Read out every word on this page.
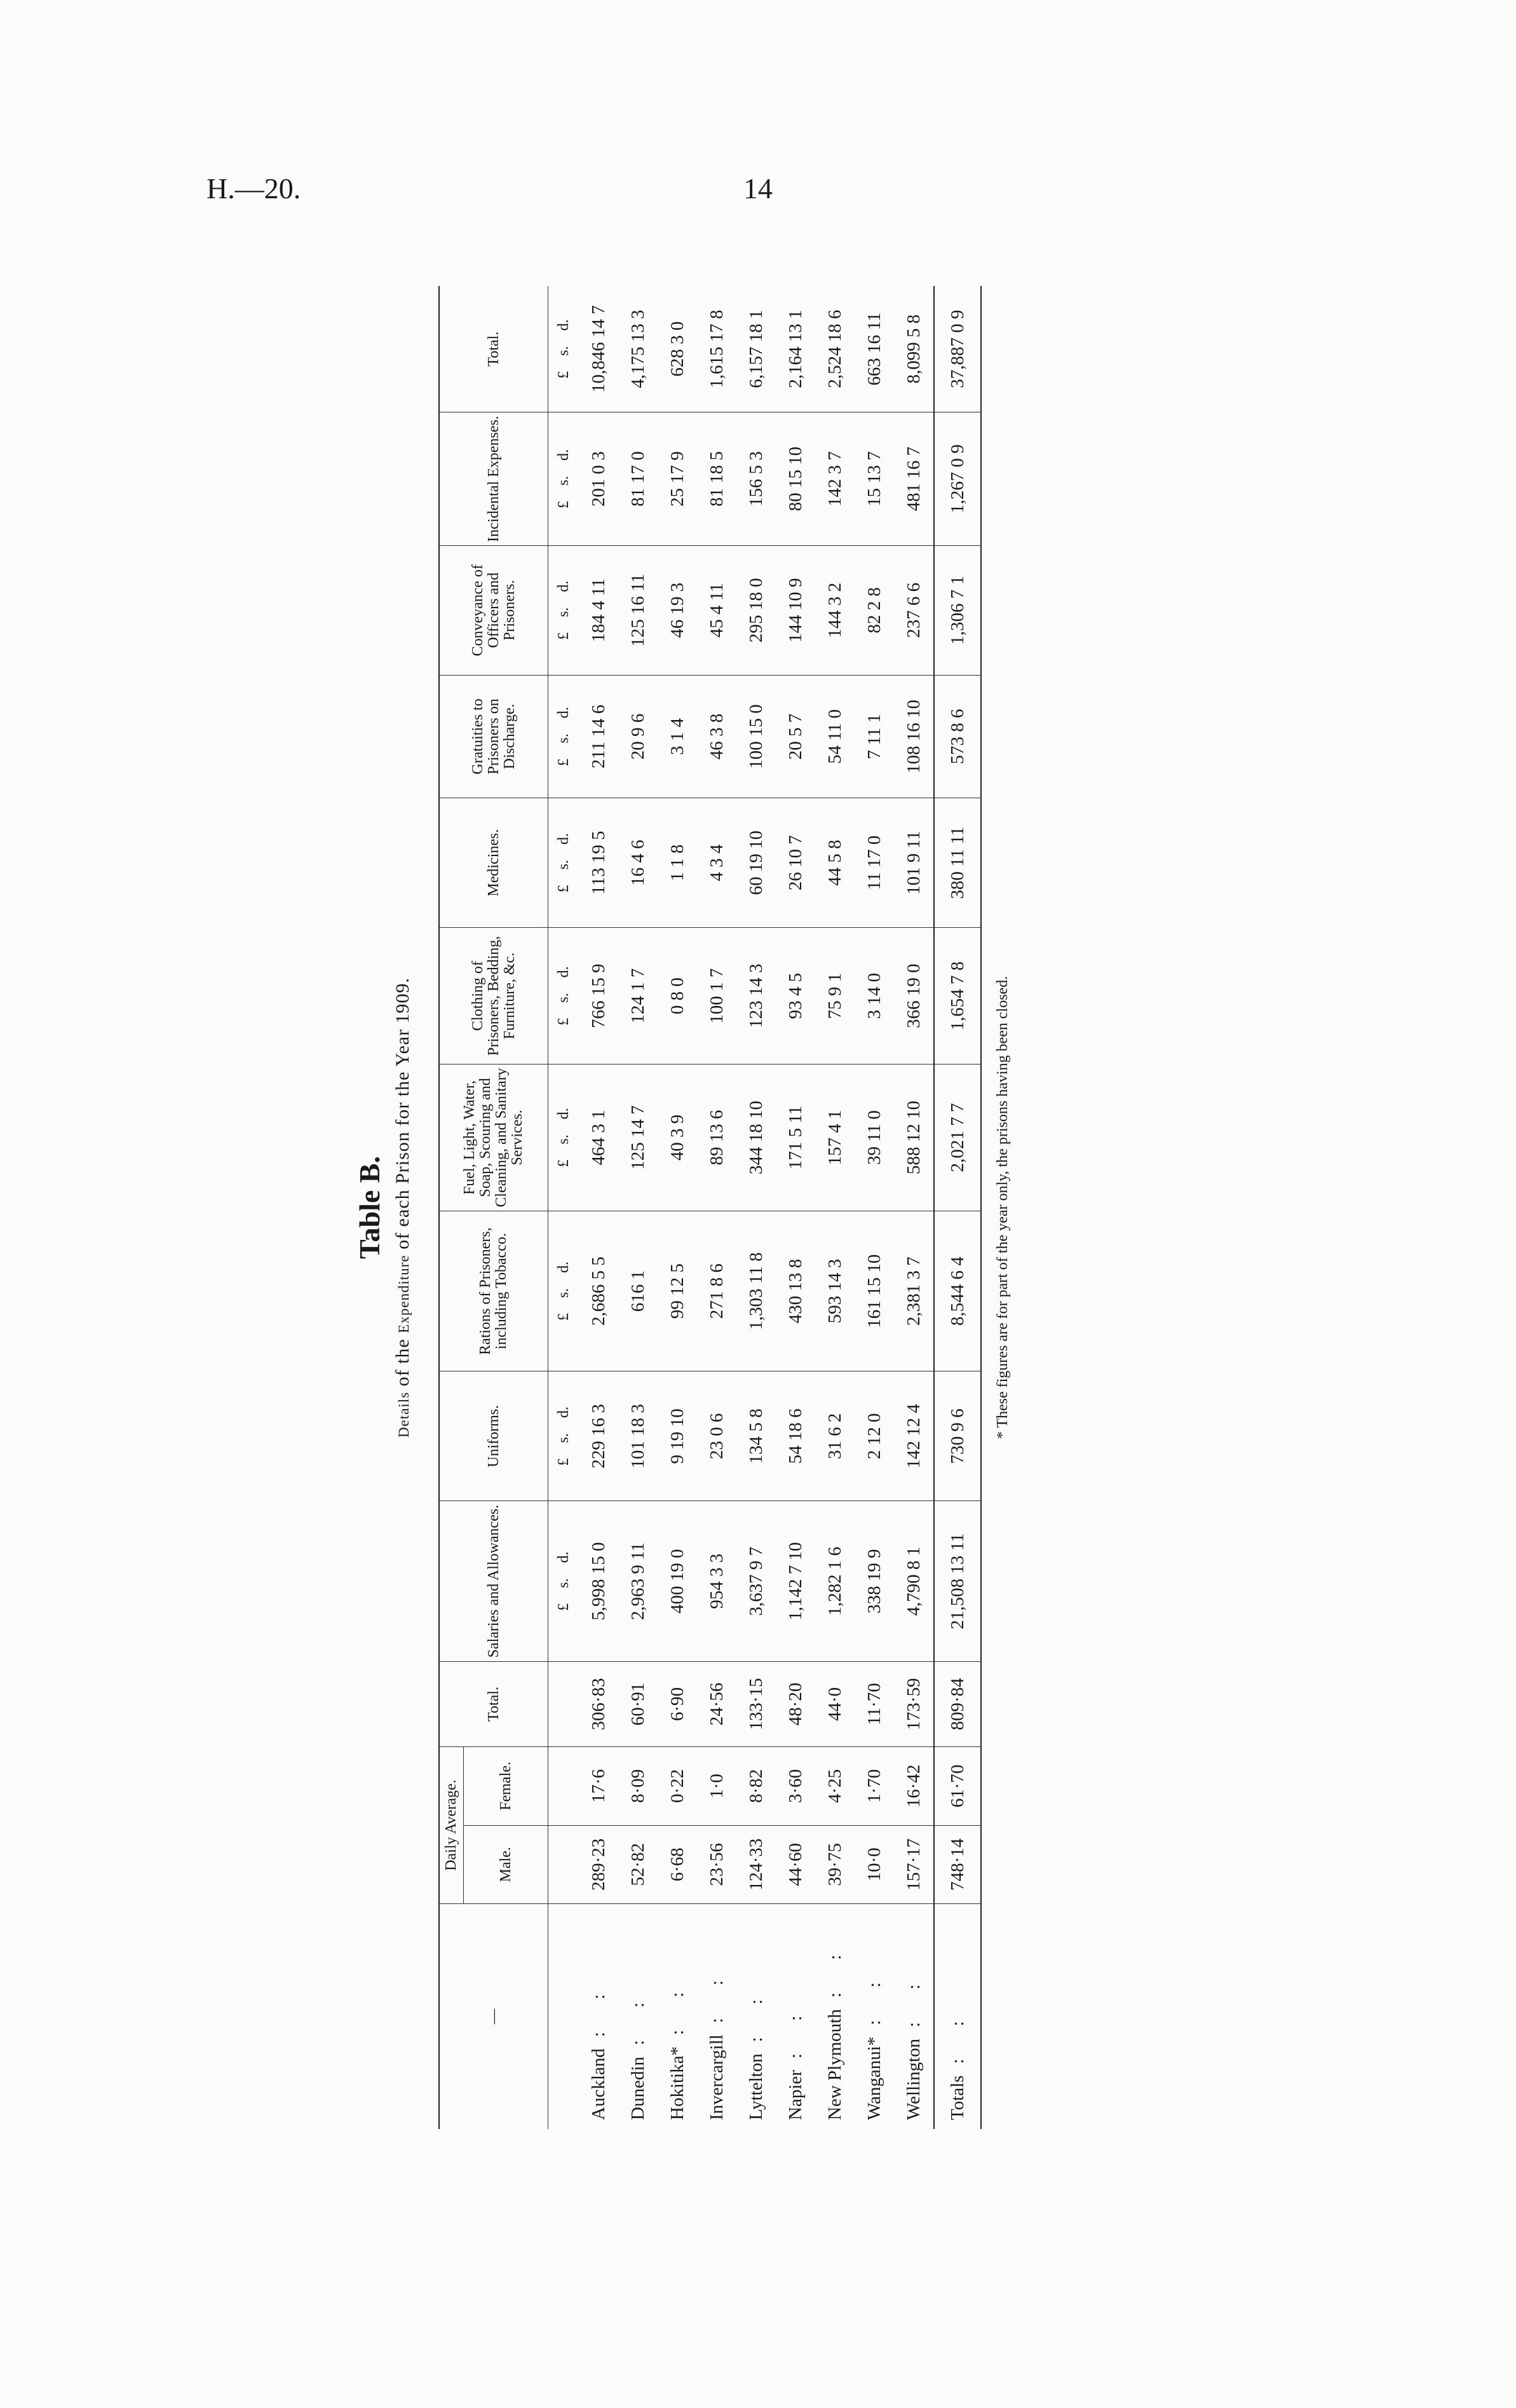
H.—20.	14
Table B.
Details of the Expenditure of each Prison for the Year 1909.
—	Daily Average.		Total.	Salaries and Allowances.	Uniforms.	Rations of Prisoners, including Tobacco.	Fuel, Light, Water, Soap, Scouring and Cleaning, and Sanitary Services.	Clothing of Prisoners, Bedding, Furniture, &c.	Medicines.	Gratuities to Prisoners on Discharge.	Conveyance of Officers and Prisoners.	Incidental Expenses.	Total.
	Male.	Female.											
				£ s. d.	£ s. d.	£ s. d.	£ s. d.	£ s. d.	£ s. d.	£ s. d.	£ s. d.	£ s. d.	£ s. d.
Auckland: :	289·23	17·6	306·83	5,998 15 0	229 16 3	2,686 5 5	464 3 1	766 15 9	113 19 5	211 14 6	184 4 11	201 0 3	10,846 14 7
Dunedin: :	52·82	8·09	60·91	2,963 9 11	101 18 3	616 1	125 14 7	124 1 7	16 4 6	20 9 6	125 16 11	81 17 0	4,175 13 3
Hokitika*: :	6·68	0·22	6·90	400 19 0	9 19 10	99 12 5	40 3 9	0 8 0	1 1 8	3 1 4	46 19 3	25 17 9	628 3 0
Invercargill: :	23·56	1·0	24·56	954 3 3	23 0 6	271 8 6	89 13 6	100 1 7	4 3 4	46 3 8	45 4 11	81 18 5	1,615 17 8
Lyttelton: :	124·33	8·82	133·15	3,637 9 7	134 5 8	1,303 11 8	344 18 10	123 14 3	60 19 10	100 15 0	295 18 0	156 5 3	6,157 18 1
Napier: :	44·60	3·60	48·20	1,142 7 10	54 18 6	430 13 8	171 5 11	93 4 5	26 10 7	20 5 7	144 10 9	80 15 10	2,164 13 1
New Plymouth: :	39·75	4·25	44·0	1,282 1 6	31 6 2	593 14 3	157 4 1	75 9 1	44 5 8	54 11 0	144 3 2	142 3 7	2,524 18 6
Wanganui*: :	10·0	1·70	11·70	338 19 9	2 12 0	161 15 10	39 11 0	3 14 0	11 17 0	7 11 1	82 2 8	15 13 7	663 16 11
Wellington: :	157·17	16·42	173·59	4,790 8 1	142 12 4	2,381 3 7	588 12 10	366 19 0	101 9 11	108 16 10	237 6 6	481 16 7	8,099 5 8
Totals: :	748·14	61·70	809·84	21,508 13 11	730 9 6	8,544 6 4	2,021 7 7	1,654 7 8	380 11 11	573 8 6	1,306 7 1	1,267 0 9	37,887 0 9
* These figures are for part of the year only, the prisons having been closed.
